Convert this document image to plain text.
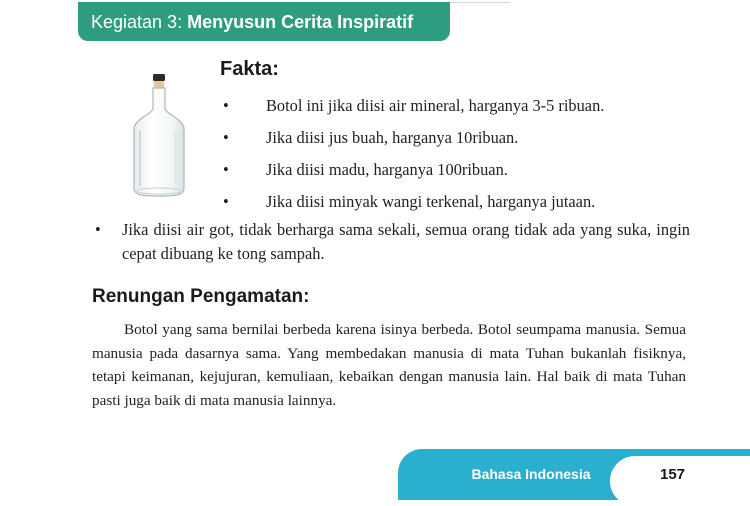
Kegiatan 3: Menyusun Cerita Inspiratif
Fakta:
• Botol ini jika diisi air mineral, harganya 3-5 ribuan.
• Jika diisi jus buah, harganya 10ribuan.
• Jika diisi madu, harganya 100ribuan.
• Jika diisi minyak wangi terkenal, harganya jutaan.
•	Jika diisi air got, tidak berharga sama sekali, semua orang tidak ada yang suka, ingin cepat dibuang ke tong sampah.
Renungan Pengamatan:

Botol yang sama bernilai berbeda karena isinya berbeda. Botol seumpama manusia. Semua manusia pada dasarnya sama. Yang membedakan manusia di mata Tuhan bukanlah fisiknya, tetapi keimanan, kejujuran, kemuliaan, kebaikan dengan manusia lain. Hal baik di mata Tuhan pasti juga baik di mata manusia lainnya.

Bahasa Indonesia	157
